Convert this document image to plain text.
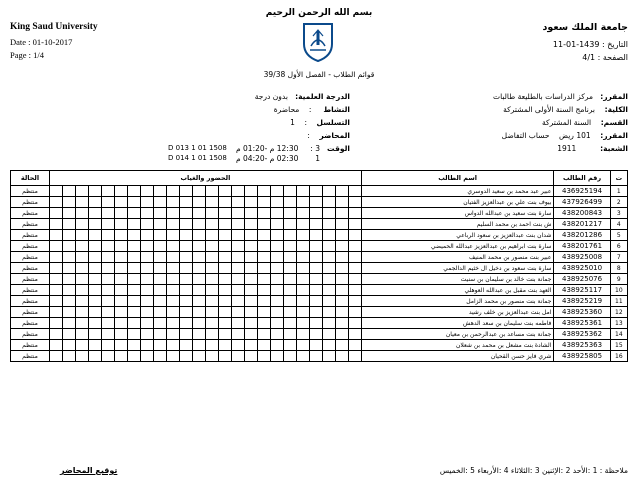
بسم الله الرحمن الرحيم
King Saud University
Date : 01-10-2017
Page : 1/4
جامعة الملك سعود
التاريخ : 1439-01-11
الصفحة : 4/1
قوائم الطلاب - الفصل الأول 39/38
المقرر:   مركز الدراسات بالطليعة طالبات
الكلية:    برنامج السنة الأولى المشتركة
القسم:    السنة المشتركة
المقرر:    101 ريض    حساب التفاضل
الشعبة:          1911
الدرجة العلمية:   بدون درجة
النشاط     :    محاضرة
التسلسل    :    1
المحاضر    :
الوقت      : 3
1
12:30 م -01:20 م
02:30 م -04:20 م
D 013 1 01 1508
D 014 1 01 1508
الحالة	الحضور والغياب																								اسم الطالب	رقم الطالب	ت
منتظم																									عبير عبد محمد بن سعيد الدوسري	436925194	1
منتظم																									بيوف بنت علي بن عبدالعزيز الفتيان	437926499	2
منتظم																									سارة بنت سعيد بن عبدالله الدواس	438200843	3
منتظم																									ش بنت احمد بن محمد السليم	438201217	4
منتظم																									شدان بنت عبدالعزيز بن سعود الرباعي	438201286	5
منتظم																									سارة بنت ابراهيم بن عبدالعزيز عبدالله الحميضي	438201761	6
منتظم																									عبير بنت منصور بن محمد المنيف	438925008	7
منتظم																									سارة بنت سعود بن دخيل ال خثيم الدالجمي	438925010	8
منتظم																									جمانة بنت خالد بن سليمان بن سنيت	438925076	9
منتظم																									العهد بنت مقبل بن عبدالله العوهلي	438925117	10
منتظم																									جمانة بنت منصور بن محمد الزامل	438925219	11
منتظم																									امل بنت عبدالعزيز بن خلف رشيد	438925360	12
منتظم																									فاطمه بنت سليمان بن سعد الدهش	438925361	13
منتظم																									جمانة بنت مساعد بن عبدالرحمن بن معيان	438925362	14
منتظم																									الشادة بنت مشعل بن محمد بن شعلان	438925363	15
منتظم																									شري فايز حسن القحيان	438925805	16
ملاحظة : 1 :الأحد 2 :الإثنين 3 :الثلاثاء 4 :الأربعاء 5 :الخميس
توقيع المحاضر
